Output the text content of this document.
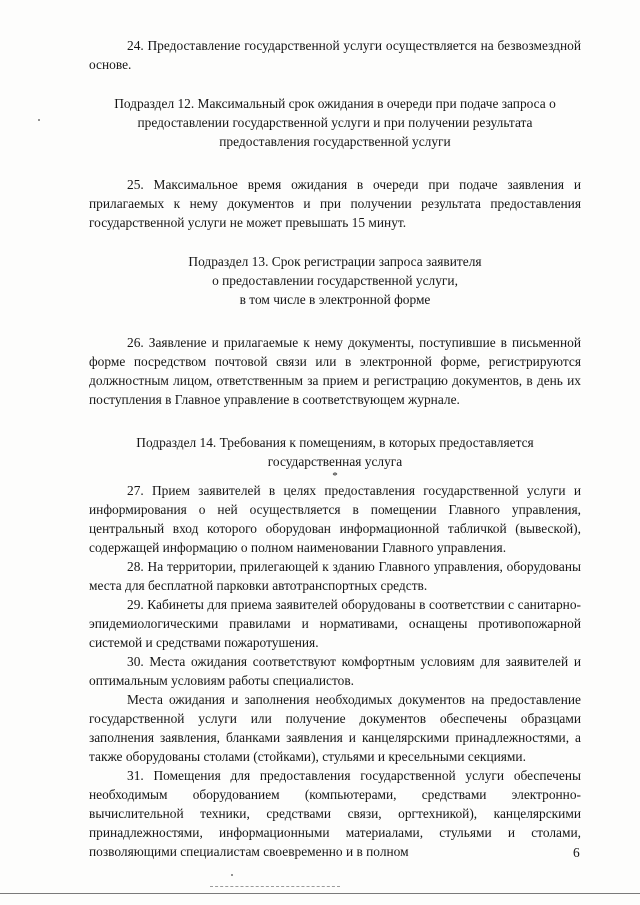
24. Предоставление государственной услуги осуществляется на безвозмездной основе.

Подраздел 12. Максимальный срок ожидания в очереди при подаче запроса о

предоставлении государственной услуги и при получении результата

предоставления государственной услуги

25. Максимальное время ожидания в очереди при подаче заявления и прилагаемых к нему документов и при получении результата предоставления государственной услуги не может превышать 15 минут.

Подраздел 13. Срок регистрации запроса заявителя

о предоставлении государственной услуги,

в том числе в электронной форме

26. Заявление и прилагаемые к нему документы, поступившие в письменной форме посредством почтовой связи или в электронной форме, регистрируются должностным лицом, ответственным за прием и регистрацию документов, в день их поступления в Главное управление в соответствующем журнале.

Подраздел 14. Требования к помещениям, в которых предоставляется

государственная услуга

*

27. Прием заявителей в целях предоставления государственной услуги и информирования о ней осуществляется в помещении Главного управления, центральный вход которого оборудован информационной табличкой (вывеской), содержащей информацию о полном наименовании Главного управления.

28. На территории, прилегающей к зданию Главного управления, оборудованы места для бесплатной парковки автотранспортных средств.

29. Кабинеты для приема заявителей оборудованы в соответствии с санитарно-эпидемиологическими правилами и нормативами, оснащены противопожарной системой и средствами пожаротушения.

30. Места ожидания соответствуют комфортным условиям для заявителей и оптимальным условиям работы специалистов.

Места ожидания и заполнения необходимых документов на предоставление государственной услуги или получение документов обеспечены образцами заполнения заявления, бланками заявления и канцелярскими принадлежностями, а также оборудованы столами (стойками), стульями и кресельными секциями.

31. Помещения для предоставления государственной услуги обеспечены необходимым оборудованием (компьютерами, средствами электронно-вычислительной техники, средствами связи, оргтехникой), канцелярскими принадлежностями, информационными материалами, стульями и столами, позволяющими специалистам своевременно и в полном	6
